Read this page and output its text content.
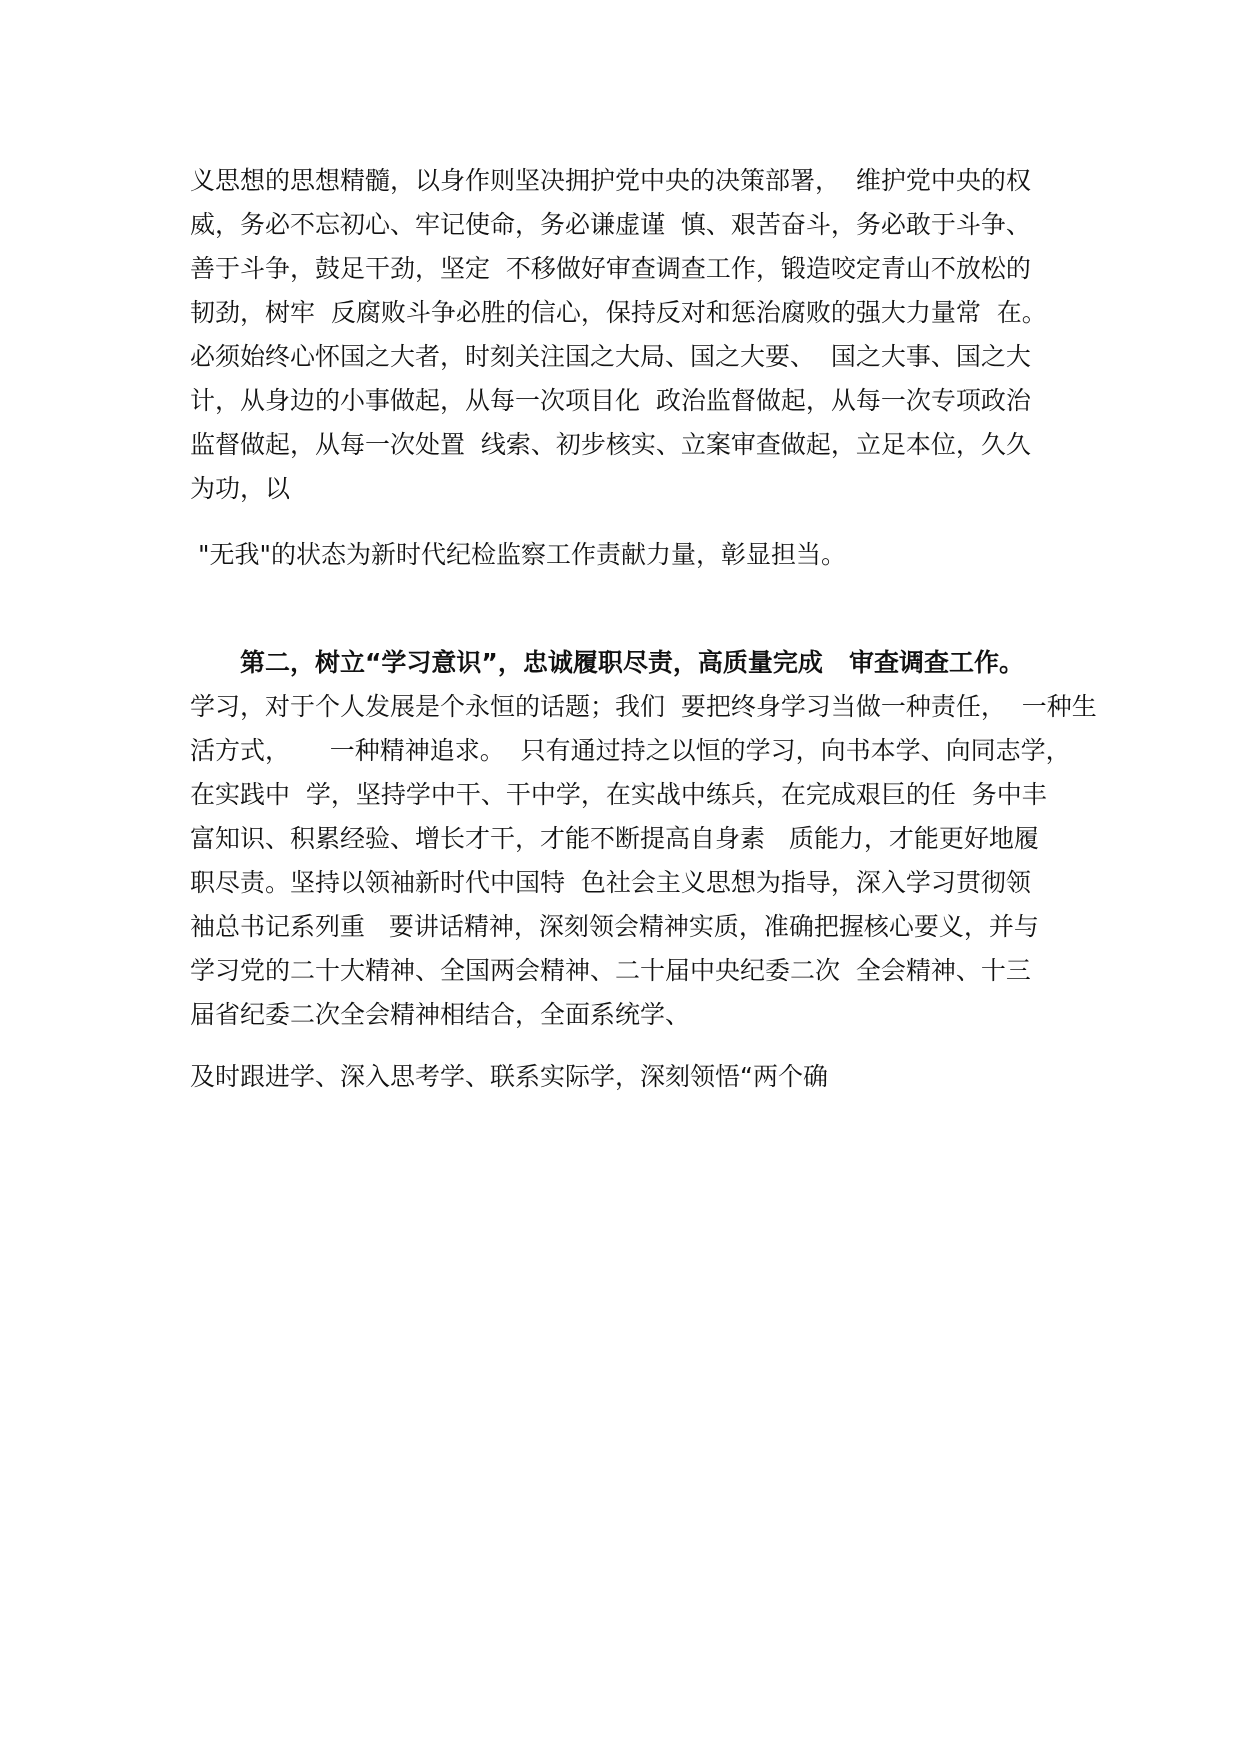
义思想的思想精髓，以身作则坚决拥护党中央的决策部署，  维护党中央的权
威，务必不忘初心、牢记使命，务必谦虚谨  慎、艰苦奋斗，务必敢于斗争、
善于斗争，鼓足干劲，坚定  不移做好审查调查工作，锻造咬定青山不放松的
韧劲，树牢  反腐败斗争必胜的信心，保持反对和惩治腐败的强大力量常  在。
必须始终心怀国之大者，时刻关注国之大局、国之大要、  国之大事、国之大
计，从身边的小事做起，从每一次项目化  政治监督做起，从每一次专项政治
监督做起，从每一次处置  线索、初步核实、立案审查做起，立足本位，久久
为功，以
"无我"的状态为新时代纪检监察工作责献力量，彰显担当。
第二，树立“学习意识”，忠诚履职尽责，高质量完成   审查调查工作。
学习，对于个人发展是个永恒的话题；我们  要把终身学习当做一种责任，  一种生
活方式，     一种精神追求。  只有通过持之以恒的学习，向书本学、向同志学，
在实践中  学，坚持学中干、干中学，在实战中练兵，在完成艰巨的任  务中丰
富知识、积累经验、增长才干，才能不断提高自身素   质能力，才能更好地履
职尽责。坚持以领袖新时代中国特  色社会主义思想为指导，深入学习贯彻领
袖总书记系列重   要讲话精神，深刻领会精神实质，准确把握核心要义，并与
学习党的二十大精神、全国两会精神、二十届中央纪委二次  全会精神、十三
届省纪委二次全会精神相结合，全面系统学、
及时跟进学、深入思考学、联系实际学，深刻领悟“两个确
